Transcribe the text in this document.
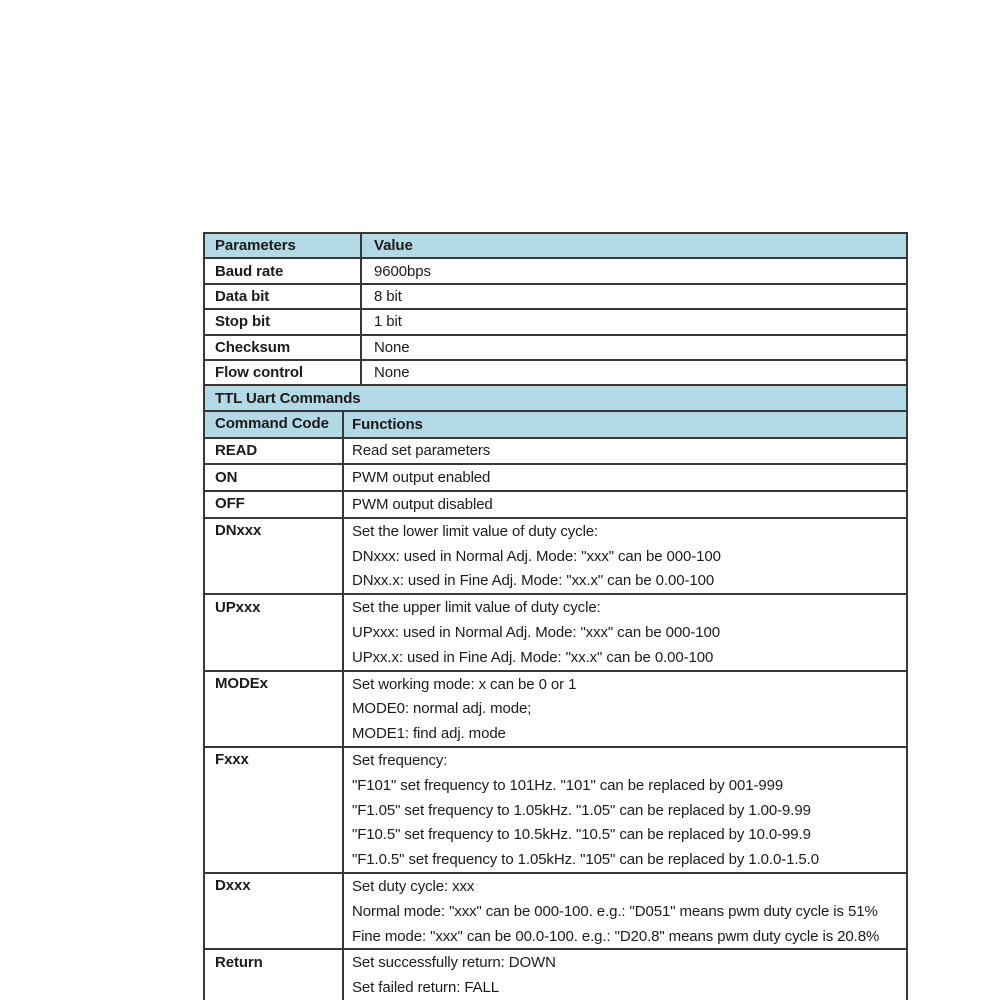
Parameters	Value

Baud rate	9600bps

Data bit	8 bit

Stop bit	1 bit

Checksum	None

Flow control	None
TTL Uart Commands	

Command Code	Functions

READ	Read set parameters

ON	PWM output enabled

OFF	PWM output disabled

DNxxx	Set the lower limit value of duty cycle:
DNxxx: used in Normal Adj. Mode: "xxx" can be 000-100
DNxx.x: used in Fine Adj. Mode: "xx.x" can be 0.00-100

UPxxx	Set the upper limit value of duty cycle:
UPxxx: used in Normal Adj. Mode: "xxx" can be 000-100
UPxx.x: used in Fine Adj. Mode: "xx.x" can be 0.00-100

MODEx	Set working mode: x can be 0 or 1
MODE0: normal adj. mode;
MODE1: find adj. mode

Fxxx	Set frequency:
"F101" set frequency to 101Hz. "101" can be replaced by 001-999
"F1.05" set frequency to 1.05kHz. "1.05" can be replaced by 1.00-9.99
"F10.5" set frequency to 10.5kHz. "10.5" can be replaced by 10.0-99.9
"F1.0.5" set frequency to 1.05kHz. "105" can be replaced by 1.0.0-1.5.0

Dxxx	Set duty cycle: xxx
Normal mode: "xxx" can be 000-100. e.g.: "D051" means pwm duty cycle is 51%
Fine mode: "xxx" can be 00.0-100. e.g.: "D20.8" means pwm duty cycle is 20.8%

Return	Set successfully return: DOWN
Set failed return: FALL
